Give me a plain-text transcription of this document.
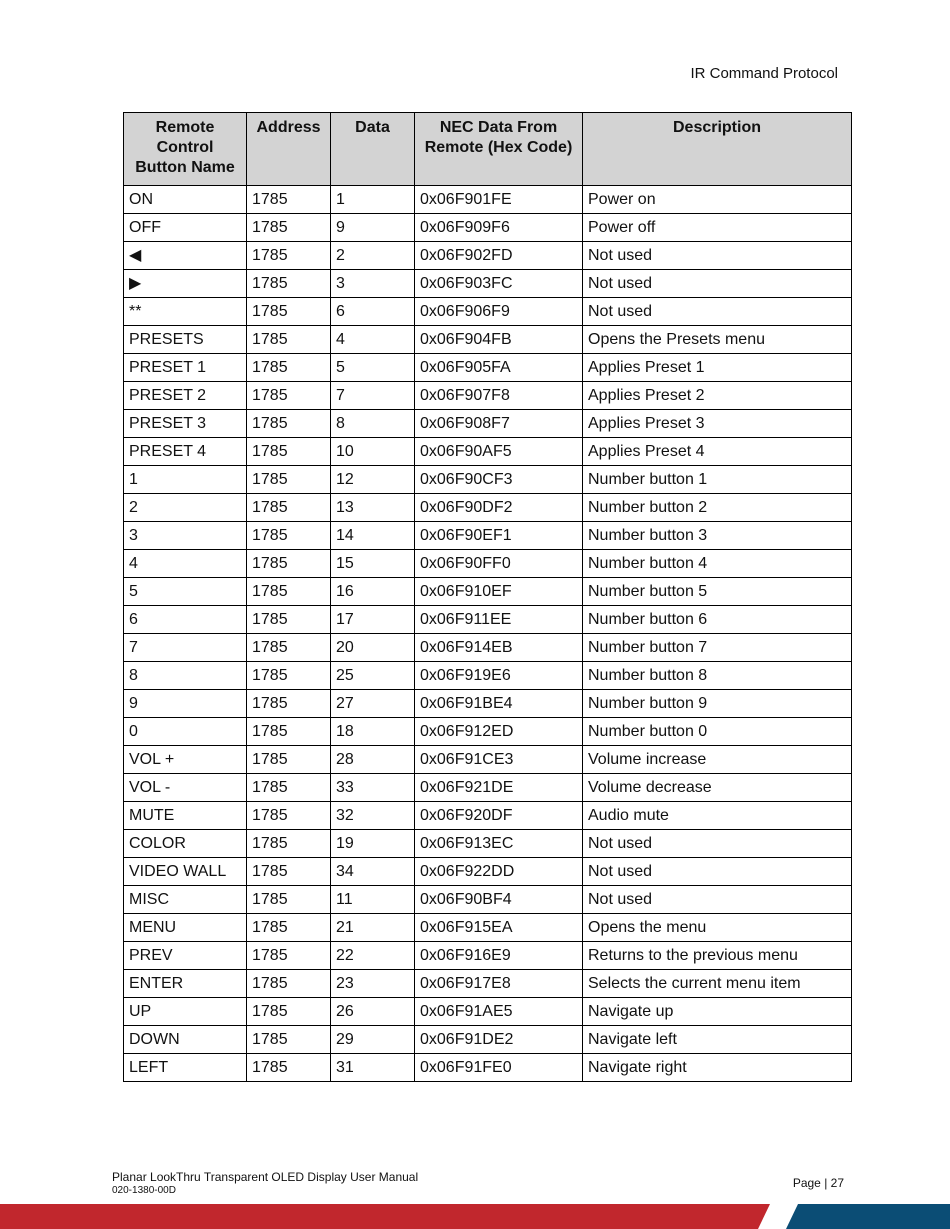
IR Command Protocol
Remote Control Button Name	Address	Data	NEC Data From Remote (Hex Code)	Description
ON	1785	1	0x06F901FE	Power on
OFF	1785	9	0x06F909F6	Power off
◀	1785	2	0x06F902FD	Not used
▶	1785	3	0x06F903FC	Not used
**	1785	6	0x06F906F9	Not used
PRESETS	1785	4	0x06F904FB	Opens the Presets menu
PRESET 1	1785	5	0x06F905FA	Applies Preset 1
PRESET 2	1785	7	0x06F907F8	Applies Preset 2
PRESET 3	1785	8	0x06F908F7	Applies Preset 3
PRESET 4	1785	10	0x06F90AF5	Applies Preset 4
1	1785	12	0x06F90CF3	Number button 1
2	1785	13	0x06F90DF2	Number button 2
3	1785	14	0x06F90EF1	Number button 3
4	1785	15	0x06F90FF0	Number button 4
5	1785	16	0x06F910EF	Number button 5
6	1785	17	0x06F911EE	Number button 6
7	1785	20	0x06F914EB	Number button 7
8	1785	25	0x06F919E6	Number button 8
9	1785	27	0x06F91BE4	Number button 9
0	1785	18	0x06F912ED	Number button 0
VOL +	1785	28	0x06F91CE3	Volume increase
VOL -	1785	33	0x06F921DE	Volume decrease
MUTE	1785	32	0x06F920DF	Audio mute
COLOR	1785	19	0x06F913EC	Not used
VIDEO WALL	1785	34	0x06F922DD	Not used
MISC	1785	11	0x06F90BF4	Not used
MENU	1785	21	0x06F915EA	Opens the menu
PREV	1785	22	0x06F916E9	Returns to the previous menu
ENTER	1785	23	0x06F917E8	Selects the current menu item
UP	1785	26	0x06F91AE5	Navigate up
DOWN	1785	29	0x06F91DE2	Navigate left
LEFT	1785	31	0x06F91FE0	Navigate right
Planar LookThru Transparent OLED Display User Manual
020-1380-00D
Page | 27
